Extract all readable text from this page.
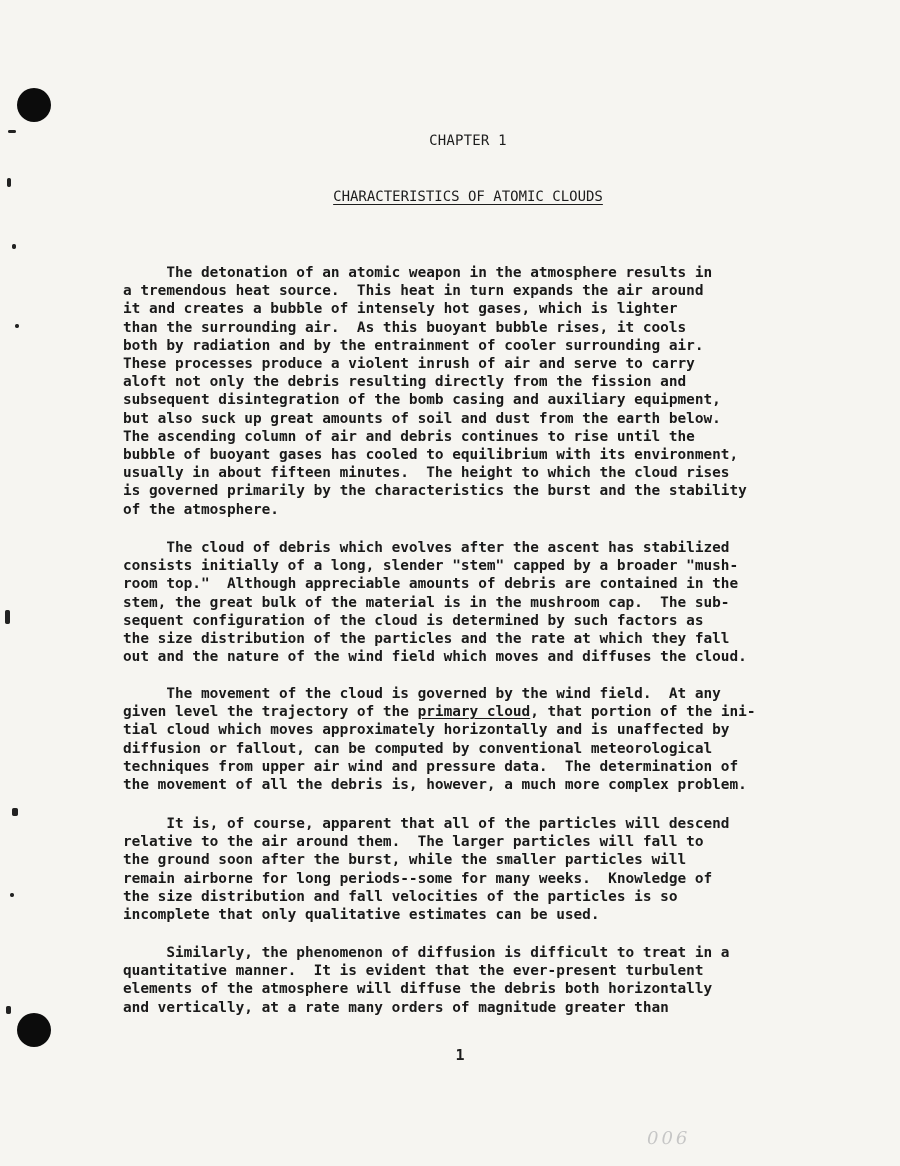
CHAPTER 1
CHARACTERISTICS OF ATOMIC CLOUDS
The detonation of an atomic weapon in the atmosphere results in
a tremendous heat source.  This heat in turn expands the air around
it and creates a bubble of intensely hot gases, which is lighter
than the surrounding air.  As this buoyant bubble rises, it cools
both by radiation and by the entrainment of cooler surrounding air.
These processes produce a violent inrush of air and serve to carry
aloft not only the debris resulting directly from the fission and
subsequent disintegration of the bomb casing and auxiliary equipment,
but also suck up great amounts of soil and dust from the earth below.
The ascending column of air and debris continues to rise until the
bubble of buoyant gases has cooled to equilibrium with its environment,
usually in about fifteen minutes.  The height to which the cloud rises
is governed primarily by the characteristics the burst and the stability
of the atmosphere.
The cloud of debris which evolves after the ascent has stabilized
consists initially of a long, slender "stem" capped by a broader "mush-
room top."  Although appreciable amounts of debris are contained in the
stem, the great bulk of the material is in the mushroom cap.  The sub-
sequent configuration of the cloud is determined by such factors as
the size distribution of the particles and the rate at which they fall
out and the nature of the wind field which moves and diffuses the cloud.
The movement of the cloud is governed by the wind field.  At any
given level the trajectory of the primary cloud, that portion of the ini-
tial cloud which moves approximately horizontally and is unaffected by
diffusion or fallout, can be computed by conventional meteorological
techniques from upper air wind and pressure data.  The determination of
the movement of all the debris is, however, a much more complex problem.
It is, of course, apparent that all of the particles will descend
relative to the air around them.  The larger particles will fall to
the ground soon after the burst, while the smaller particles will
remain airborne for long periods--some for many weeks.  Knowledge of
the size distribution and fall velocities of the particles is so
incomplete that only qualitative estimates can be used.
Similarly, the phenomenon of diffusion is difficult to treat in a
quantitative manner.  It is evident that the ever-present turbulent
elements of the atmosphere will diffuse the debris both horizontally
and vertically, at a rate many orders of magnitude greater than
1
006
